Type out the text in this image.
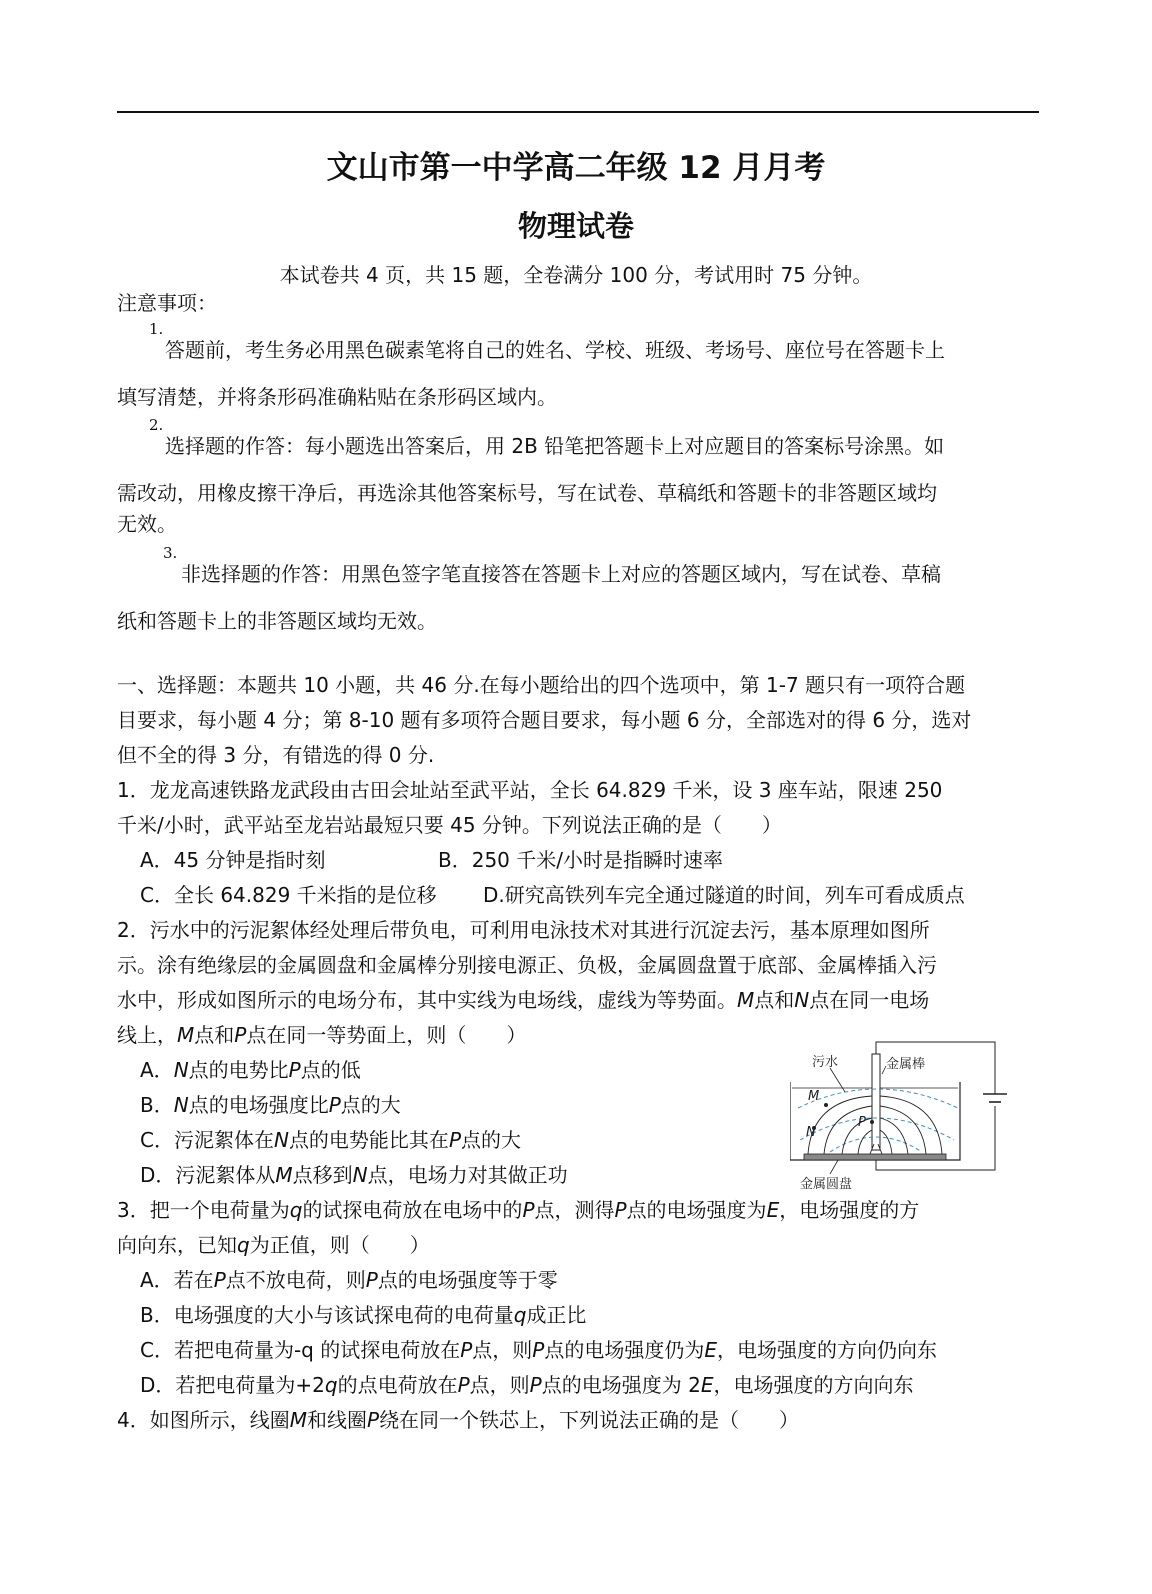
文山市第一中学高二年级 12 月月考
物理试卷
本试卷共 4 页，共 15 题，全卷满分 100 分，考试用时 75 分钟。
注意事项：
1.
答题前，考生务必用黑色碳素笔将自己的姓名、学校、班级、考场号、座位号在答题卡上
填写清楚，并将条形码准确粘贴在条形码区域内。
2.
选择题的作答：每小题选出答案后，用 2B 铅笔把答题卡上对应题目的答案标号涂黑。如
需改动，用橡皮擦干净后，再选涂其他答案标号，写在试卷、草稿纸和答题卡的非答题区域均
无效。
3.
非选择题的作答：用黑色签字笔直接答在答题卡上对应的答题区域内，写在试卷、草稿
纸和答题卡上的非答题区域均无效。
一、选择题：本题共 10 小题，共 46 分.在每小题给出的四个选项中，第 1-7 题只有一项符合题
目要求，每小题 4 分；第 8-10 题有多项符合题目要求，每小题 6 分，全部选对的得 6 分，选对
但不全的得 3 分，有错选的得 0 分.
1．龙龙高速铁路龙武段由古田会址站至武平站，全长 64.829 千米，设 3 座车站，限速 250
千米/小时，武平站至龙岩站最短只要 45 分钟。下列说法正确的是（　　）
A．45 分钟是指时刻	B．250 千米/小时是指瞬时速率
C．全长 64.829 千米指的是位移 D.研究高铁列车完全通过隧道的时间，列车可看成质点
2．污水中的污泥絮体经处理后带负电，可利用电泳技术对其进行沉淀去污，基本原理如图所
示。涂有绝缘层的金属圆盘和金属棒分别接电源正、负极，金属圆盘置于底部、金属棒插入污
水中，形成如图所示的电场分布，其中实线为电场线，虚线为等势面。M点和N点在同一电场
线上，M点和P点在同一等势面上，则（　　）
A．N点的电势比P点的低
B．N点的电场强度比P点的大
C．污泥絮体在N点的电势能比其在P点的大
D．污泥絮体从M点移到N点，电场力对其做正功
污水	金属棒
金属圆盘
M
N
P
3．把一个电荷量为q的试探电荷放在电场中的P点，测得P点的电场强度为E，电场强度的方
向向东，已知q为正值，则（　　）
A．若在P点不放电荷，则P点的电场强度等于零
B．电场强度的大小与该试探电荷的电荷量q成正比
C．若把电荷量为-q 的试探电荷放在P点，则P点的电场强度仍为E，电场强度的方向仍向东
D．若把电荷量为+2q的点电荷放在P点，则P点的电场强度为 2E，电场强度的方向向东
4．如图所示，线圈M和线圈P绕在同一个铁芯上，下列说法正确的是（　　）
